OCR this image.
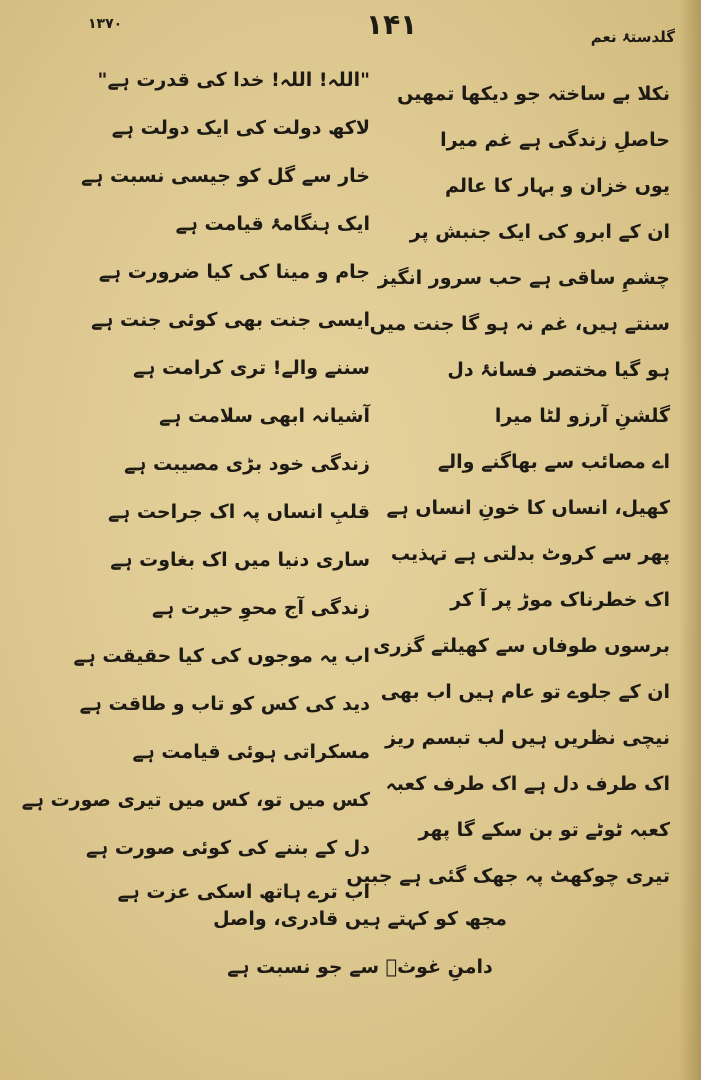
گلدستۂ نعم
۱۴۱
۱۳۷۰
نکلا بے ساختہ جو دیکھا تمھیں
حاصلِ زندگی ہے غم میرا
یوں خزان و بہار کا عالم
ان کے ابرو کی ایک جنبش پر
چشمِ ساقی ہے حب سرور انگیز
سنتے ہیں، غم نہ ہو گا جنت میں
ہو گیا مختصر فسانۂ دل
گلشنِ آرزو لٹا میرا
اے مصائب سے بھاگنے والے
کھیل، انساں کا خونِ انساں ہے
پھر سے کروٹ بدلتی ہے تہذیب
اک خطرناک موڑ پر آ کر
برسوں طوفاں سے کھیلتے گزری
ان کے جلوے تو عام ہیں اب بھی
نیچی نظریں ہیں لب تبسم ریز
اک طرف دل ہے اک طرف کعبہ
کعبہ ٹوٹے تو بن سکے گا پھر
تیری چوکھٹ پہ جھک گئی ہے جبیں
"اللہ! اللہ! خدا کی قدرت ہے"
لاکھ دولت کی ایک دولت ہے
خار سے گل کو جیسی نسبت ہے
ایک ہنگامۂ قیامت ہے
جام و مینا کی کیا ضرورت ہے
ایسی جنت بھی کوئی جنت ہے
سننے والے! تری کرامت ہے
آشیانہ ابھی سلامت ہے
زندگی خود بڑی مصیبت ہے
قلبِ انساں پہ اک جراحت ہے
ساری دنیا میں اک بغاوت ہے
زندگی آج محوِ حیرت ہے
اب یہ موجوں کی کیا حقیقت ہے
دید کی کس کو تاب و طاقت ہے
مسکراتی ہوئی قیامت ہے
کس میں تو، کس میں تیری صورت ہے
دل کے بننے کی کوئی صورت ہے
اب ترے ہاتھ اسکی عزت ہے
مجھ کو کہتے ہیں قادری، واصل
دامنِ غوثؓ سے جو نسبت ہے
